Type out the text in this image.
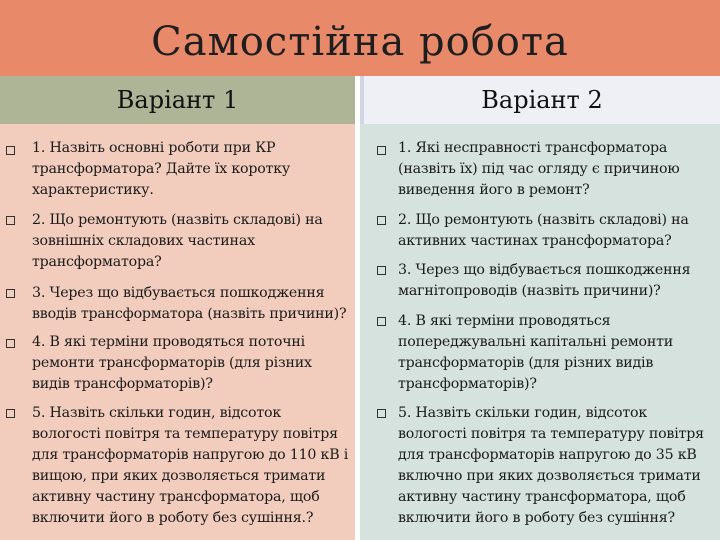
Самостійна робота
Варіант 1	Варіант 2
1. Назвіть основні роботи при КР трансформатора? Дайте їх коротку характеристику.
2. Що ремонтують (назвіть складові) на зовнішніх складових частинах трансформатора?
3. Через що відбувається пошкодження вводів трансформатора (назвіть причини)?
4. В які терміни проводяться поточні ремонти трансформаторів (для різних видів трансформаторів)?
5. Назвіть скільки годин, відсоток вологості повітря та температуру повітря для трансформаторів напругою до 110 кВ і вищою, при яких дозволяється тримати активну частину трансформатора, щоб включити його в роботу без сушіння.?
1. Які несправності трансформатора (назвіть їх) під час огляду є причиною виведення його в ремонт?
2. Що ремонтують (назвіть складові) на активних частинах трансформатора?
3. Через що відбувається пошкодження магнітопроводів (назвіть причини)?
4. В які терміни проводяться попереджувальні капітальні ремонти трансформаторів (для різних видів трансформаторів)?
5. Назвіть скільки годин, відсоток вологості повітря та температуру повітря для трансформаторів напругою до 35 кВ включно при яких дозволяється тримати активну частину трансформатора, щоб включити його в роботу без сушіння?
